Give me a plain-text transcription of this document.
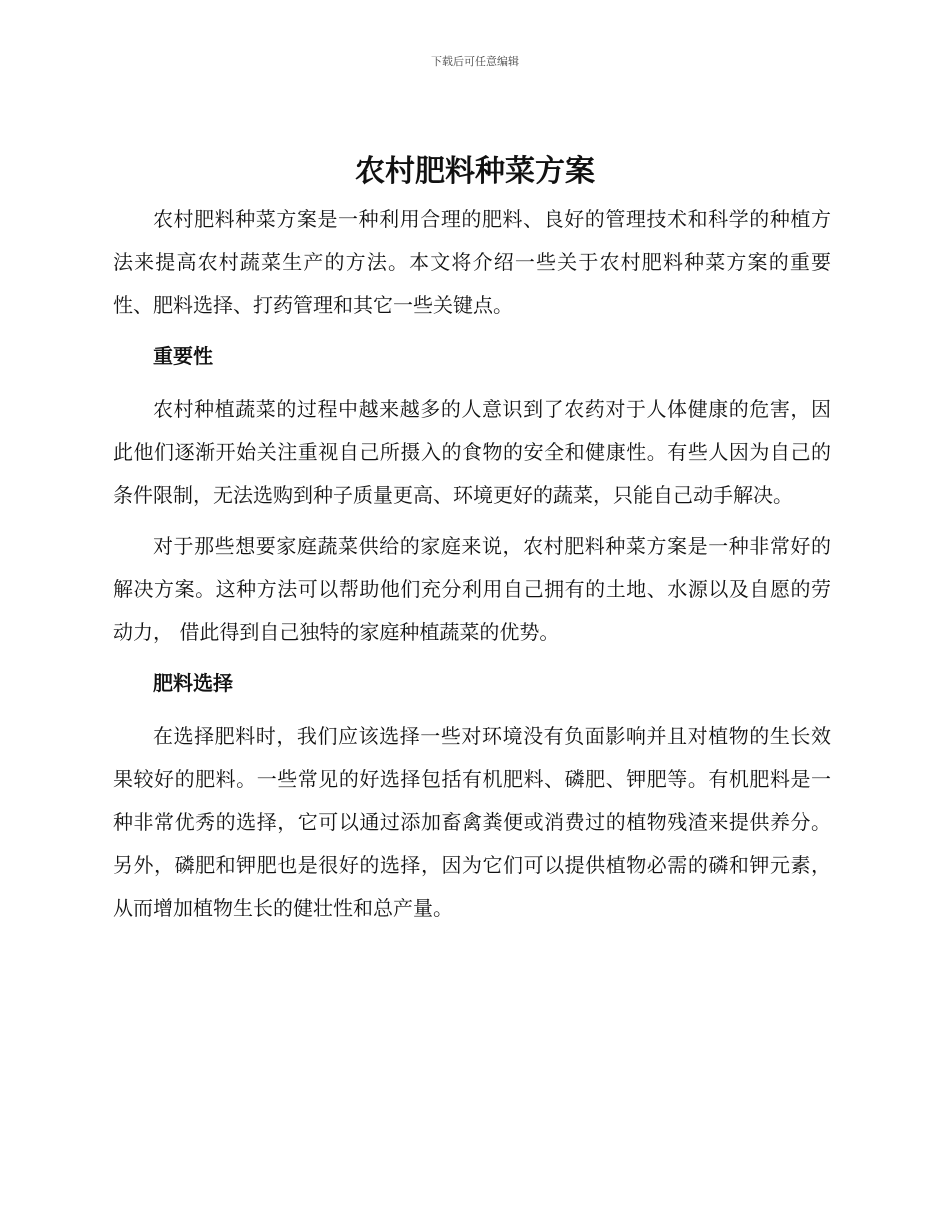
下载后可任意编辑
农村肥料种菜方案

农村肥料种菜方案是一种利用合理的肥料、良好的管理技术和科学的种植方法来提高农村蔬菜生产的方法。本文将介绍一些关于农村肥料种菜方案的重要性、肥料选择、打药管理和其它一些关键点。

重要性

农村种植蔬菜的过程中越来越多的人意识到了农药对于人体健康的危害，因此他们逐渐开始关注重视自己所摄入的食物的安全和健康性。有些人因为自己的条件限制，无法选购到种子质量更高、环境更好的蔬菜，只能自己动手解决。

对于那些想要家庭蔬菜供给的家庭来说，农村肥料种菜方案是一种非常好的解决方案。这种方法可以帮助他们充分利用自己拥有的土地、水源以及自愿的劳动力， 借此得到自己独特的家庭种植蔬菜的优势。

肥料选择

在选择肥料时，我们应该选择一些对环境没有负面影响并且对植物的生长效果较好的肥料。一些常见的好选择包括有机肥料、磷肥、钾肥等。有机肥料是一种非常优秀的选择，它可以通过添加畜禽粪便或消费过的植物残渣来提供养分。另外，磷肥和钾肥也是很好的选择，因为它们可以提供植物必需的磷和钾元素，从而增加植物生长的健壮性和总产量。
